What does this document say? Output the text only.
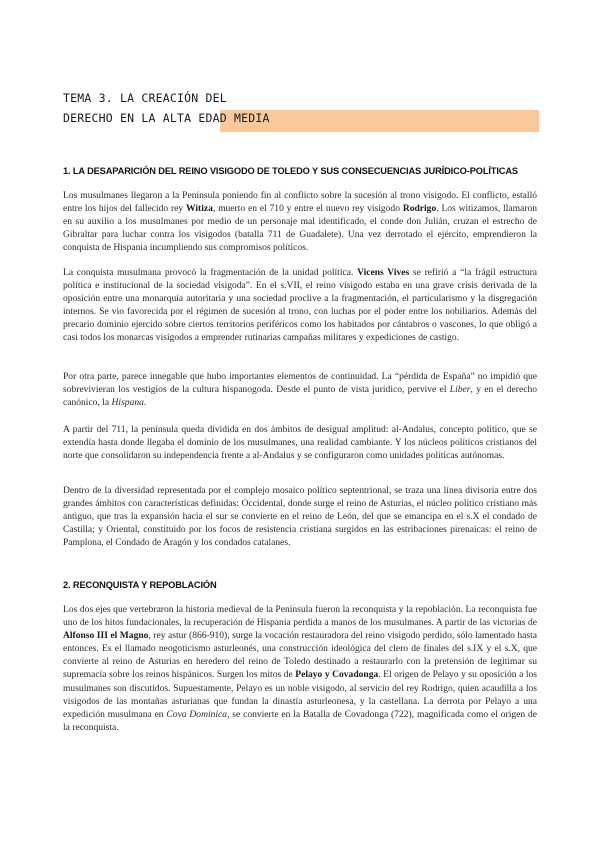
TEMA 3. LA CREACIÓN DEL
DERECHO EN LA ALTA EDAD MEDIA
1. LA DESAPARICIÓN DEL REINO VISIGODO DE TOLEDO Y SUS CONSECUENCIAS JURÍDICO-POLÍTICAS

Los musulmanes llegaron a la Península poniendo fin al conflicto sobre la sucesión al trono visigodo. El conflicto, estalló entre los hijos del fallecido rey Witiza, muerto en el 710 y entre el nuevo rey visigodo Rodrigo. Los witizamos, llamaron en su auxilio a los musulmanes por medio de un personaje mal identificado, el conde don Julián, cruzan el estrecho de Gibraltar para luchar contra los visigodos (batalla 711 de Guadalete). Una vez derrotado el ejército, emprendieron la conquista de Hispania incumpliendo sus compromisos políticos.

La conquista musulmana provocó la fragmentación de la unidad política. Vicens Vives se refirió a “la frágil estructura política e institucional de la sociedad visigoda”. En el s.VII, el reino visigodo estaba en una grave crisis derivada de la oposición entre una monarquía autoritaria y una sociedad proclive a la fragmentación, el particularismo y la disgregación internos. Se vio favorecida por el régimen de sucesión al trono, con luchas por el poder entre los nobiliarios. Además del precario dominio ejercido sobre ciertos territorios periféricos como los habitados por cántabros o vascones, lo que obligó a casi todos los monarcas visigodos a emprender rutinarias campañas militares y expediciones de castigo.

Por otra parte, parece innegable que hubo importantes elementos de continuidad. La “pérdida de España” no impidió que sobrevivieran los vestigios de la cultura hispanogoda. Desde el punto de vista jurídico, pervive el Liber, y en el derecho canónico, la Hispana.

A partir del 711, la península queda dividida en dos ámbitos de desigual amplitud: al-Andalus, concepto político, que se extendía hasta donde llegaba el dominio de los musulmanes, una realidad cambiante. Y los núcleos políticos cristianos del norte que consolidaron su independencia frente a al-Andalus y se configuraron como unidades políticas autónomas.

Dentro de la diversidad representada por el complejo mosaico político septentrional, se traza una línea divisoria entre dos grandes ámbitos con características definidas: Occidental, donde surge el reino de Asturias, el núcleo político cristiano más antiguo, que tras la expansión hacia el sur se convierte en el reino de León, del que se emancipa en el s.X el condado de Castilla; y Oriental, constituido por los focos de resistencia cristiana surgidos en las estribaciones pirenaicas: el reino de Pamplona, el Condado de Aragón y los condados catalanes.

2. RECONQUISTA Y REPOBLACIÓN

Los dos ejes que vertebraron la historia medieval de la Península fueron la reconquista y la repoblación. La reconquista fue uno de los hitos fundacionales, la recuperación de Hispania perdida a manos de los musulmanes. A partir de las victorias de Alfonso III el Magno, rey astur (866-910), surge la vocación restauradora del reino visigodo perdido, sólo lamentado hasta entonces. Es el llamado neogoticismo asturleonés, una construcción ideológica del clero de finales del s.IX y el s.X, que convierte al reino de Asturias en heredero del reino de Toledo destinado a restaurarlo con la pretensión de legitimar su supremacía sobre los reinos hispánicos. Surgen los mitos de Pelayo y Covadonga. El origen de Pelayo y su oposición a los musulmanes son discutidos. Supuestamente, Pelayo es un noble visigodo, al servicio del rey Rodrigo, quien acaudilla a los visigodos de las montañas asturianas que fundan la dinastía asturleonesa, y la castellana. La derrota por Pelayo a una expedición musulmana en Cova Dominica, se convierte en la Batalla de Covadonga (722), magnificada como el origen de la reconquista.
